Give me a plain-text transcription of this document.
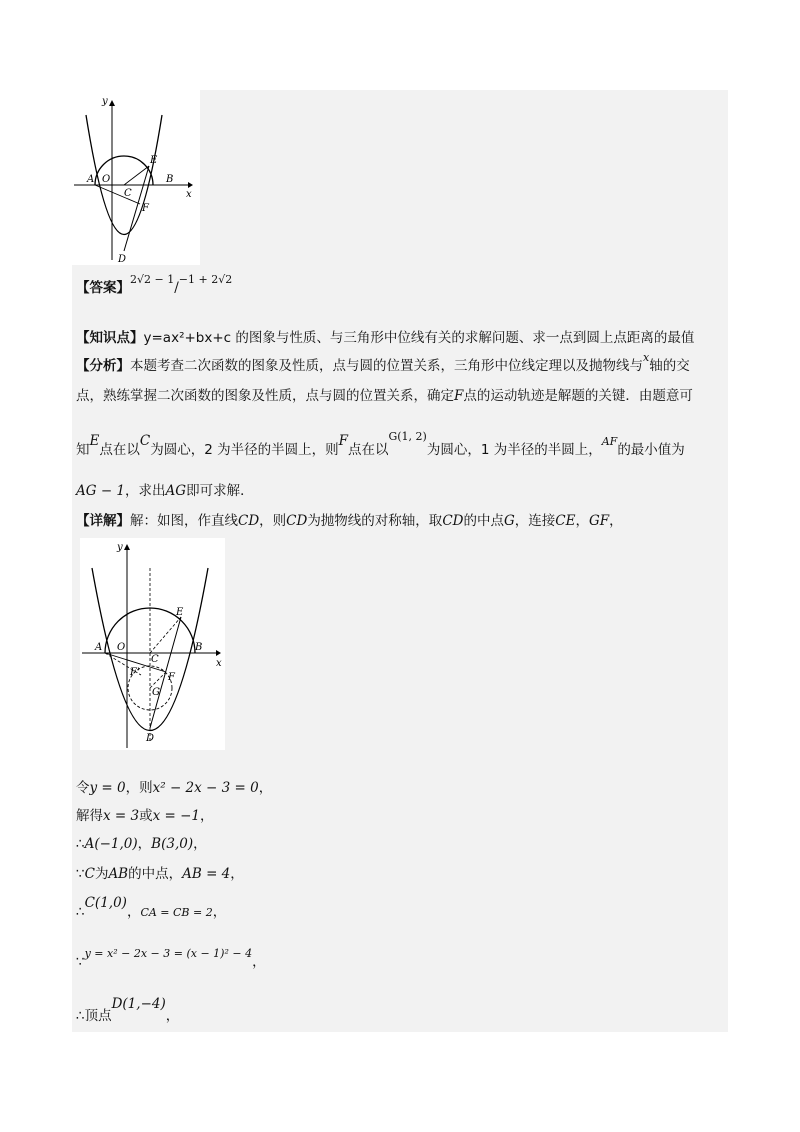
y
x
A O
C
E
B
F
D
【答案】$^{2√2 - 1}$/$^{-1 + 2√2}$
【知识点】y=ax²+bx+c 的图象与性质、与三角形中位线有关的求解问题、求一点到圆上点距离的最值
【分析】本题考查二次函数的图象及性质，点与圆的位置关系，三角形中位线定理以及抛物线与$^x$轴的交
点，熟练掌握二次函数的图象及性质，点与圆的位置关系，确定F点的运动轨迹是解题的关键．由题意可
知E点在以C为圆心，2 为半径的半圆上，则F点在以$^{G(1, 2)}$为圆心，1 为半径的半圆上，$^{AF}$的最小值为
AG − 1，求出AG即可求解．
【详解】解：如图，作直线CD，则CD为抛物线的对称轴，取CD的中点G，连接CE，GF，
y
x
A O
C
E
B
F
F'
G
D
令y = 0，则x² − 2x − 3 = 0，
解得x = 3或x = −1，
∴A(−1,0)，B(3,0)，
∵C为AB的中点，AB = 4，
∴C(1,0)，CA = CB = 2，
∵$^{y = x^2 - 2x - 3 = (x - 1)^2 - 4}$，
∴顶点D(1,−4)，
